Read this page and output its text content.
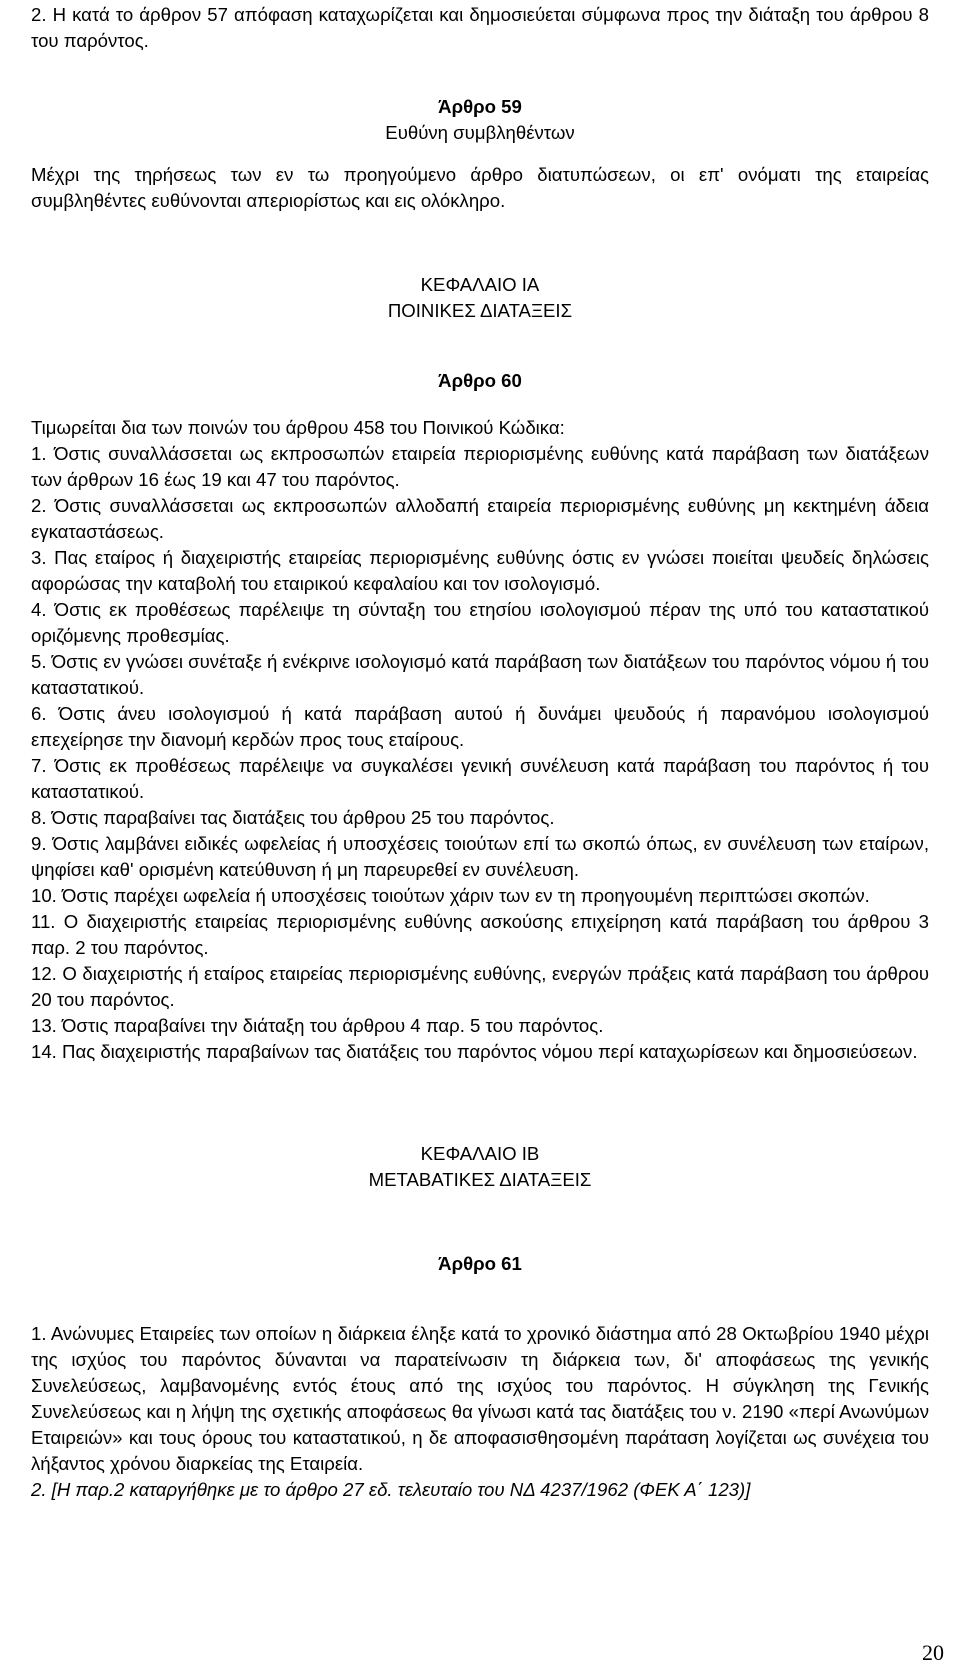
2. Η κατά το άρθρον 57 απόφαση καταχωρίζεται και δημοσιεύεται σύμφωνα προς την διάταξη του άρθρου 8 του παρόντος.

Άρθρο 59

Ευθύνη συμβληθέντων

Μέχρι της τηρήσεως των εν τω προηγούμενο άρθρο διατυπώσεων, οι επ' ονόματι της εταιρείας συμβληθέντες ευθύνονται απεριορίστως και εις ολόκληρο.

ΚΕΦΑΛΑΙΟ ΙΑ

ΠΟΙΝΙΚΕΣ ΔΙΑΤΑΞΕΙΣ

Άρθρο 60

Τιμωρείται δια των ποινών του άρθρου 458 του Ποινικού Κώδικα:

1. Όστις συναλλάσσεται ως εκπροσωπών εταιρεία περιορισμένης ευθύνης κατά παράβαση των διατάξεων των άρθρων 16 έως 19 και 47 του παρόντος.

2. Όστις συναλλάσσεται ως εκπροσωπών αλλοδαπή εταιρεία περιορισμένης ευθύνης μη κεκτημένη άδεια εγκαταστάσεως.

3. Πας εταίρος ή διαχειριστής εταιρείας περιορισμένης ευθύνης όστις εν γνώσει ποιείται ψευδείς δηλώσεις αφορώσας την καταβολή του εταιρικού κεφαλαίου και τον ισολογισμό.

4. Όστις εκ προθέσεως παρέλειψε τη σύνταξη του ετησίου ισολογισμού πέραν της υπό του καταστατικού οριζόμενης προθεσμίας.

5. Όστις εν γνώσει συνέταξε ή ενέκρινε ισολογισμό κατά παράβαση των διατάξεων του παρόντος νόμου ή του καταστατικού.

6. Όστις άνευ ισολογισμού ή κατά παράβαση αυτού ή δυνάμει ψευδούς ή παρανόμου ισολογισμού επεχείρησε την διανομή κερδών προς τους εταίρους.

7. Όστις εκ προθέσεως παρέλειψε να συγκαλέσει γενική συνέλευση κατά παράβαση του παρόντος ή του καταστατικού.

8. Όστις παραβαίνει τας διατάξεις του άρθρου 25 του παρόντος.

9. Όστις λαμβάνει ειδικές ωφελείας ή υποσχέσεις τοιούτων επί τω σκοπώ όπως, εν συνέλευση των εταίρων, ψηφίσει καθ' ορισμένη κατεύθυνση ή μη παρευρεθεί εν συνέλευση.

10. Όστις παρέχει ωφελεία ή υποσχέσεις τοιούτων χάριν των εν τη προηγουμένη περιπτώσει σκοπών.

11. Ο διαχειριστής εταιρείας περιορισμένης ευθύνης ασκούσης επιχείρηση κατά παράβαση του άρθρου 3 παρ. 2 του παρόντος.

12. Ο διαχειριστής ή εταίρος εταιρείας περιορισμένης ευθύνης, ενεργών πράξεις κατά παράβαση του άρθρου 20 του παρόντος.

13. Όστις παραβαίνει την διάταξη του άρθρου 4 παρ. 5 του παρόντος.

14. Πας διαχειριστής παραβαίνων τας διατάξεις του παρόντος νόμου περί καταχωρίσεων και δημοσιεύσεων.

ΚΕΦΑΛΑΙΟ ΙΒ

ΜΕΤΑΒΑΤΙΚΕΣ ΔΙΑΤΑΞΕΙΣ

Άρθρο 61

1. Ανώνυμες Εταιρείες των οποίων η διάρκεια έληξε κατά το χρονικό διάστημα από 28 Οκτωβρίου 1940 μέχρι της ισχύος του παρόντος δύνανται να παρατείνωσιν τη διάρκεια των, δι' αποφάσεως της γενικής Συνελεύσεως, λαμβανομένης εντός έτους από της ισχύος του παρόντος. Η σύγκληση της Γενικής Συνελεύσεως και η λήψη της σχετικής αποφάσεως θα γίνωσι κατά τας διατάξεις του ν. 2190 «περί Ανωνύμων Εταιρειών» και τους όρους του καταστατικού, η δε αποφασισθησομένη παράταση λογίζεται ως συνέχεια του λήξαντος χρόνου διαρκείας της Εταιρεία.

2. [Η παρ.2 καταργήθηκε με το άρθρο 27 εδ. τελευταίο του ΝΔ 4237/1962 (ΦΕΚ Α΄ 123)]

20
